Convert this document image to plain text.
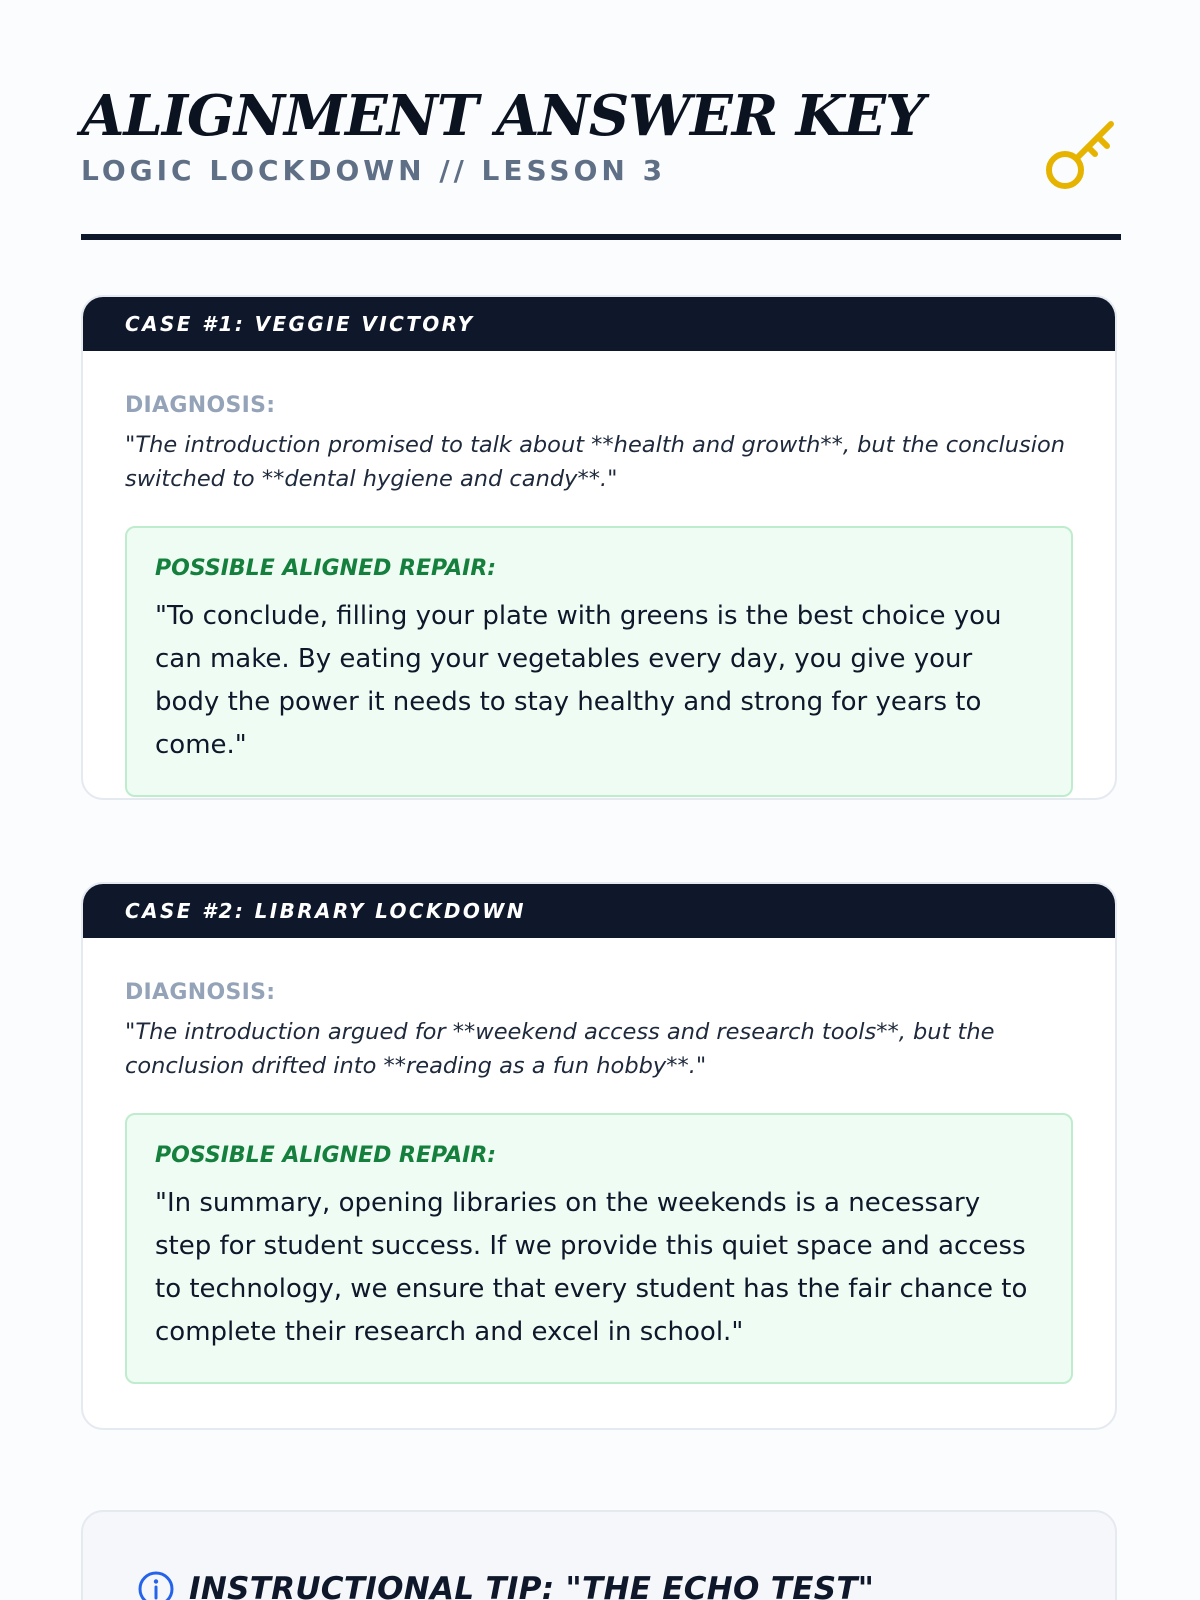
ALIGNMENT ANSWER KEY
LOGIC LOCKDOWN // LESSON 3
CASE #1: VEGGIE VICTORY

DIAGNOSIS:

"The introduction promised to talk about **health and growth**, but the conclusion switched to **dental hygiene and candy**."

POSSIBLE ALIGNED REPAIR:

"To conclude, filling your plate with greens is the best choice you can make. By eating your vegetables every day, you give your body the power it needs to stay healthy and strong for years to come."

CASE #2: LIBRARY LOCKDOWN

DIAGNOSIS:

"The introduction argued for **weekend access and research tools**, but the conclusion drifted into **reading as a fun hobby**."

POSSIBLE ALIGNED REPAIR:

"In summary, opening libraries on the weekends is a necessary step for student success. If we provide this quiet space and access to technology, we ensure that every student has the fair chance to complete their research and excel in school."

INSTRUCTIONAL TIP: "THE ECHO TEST"
